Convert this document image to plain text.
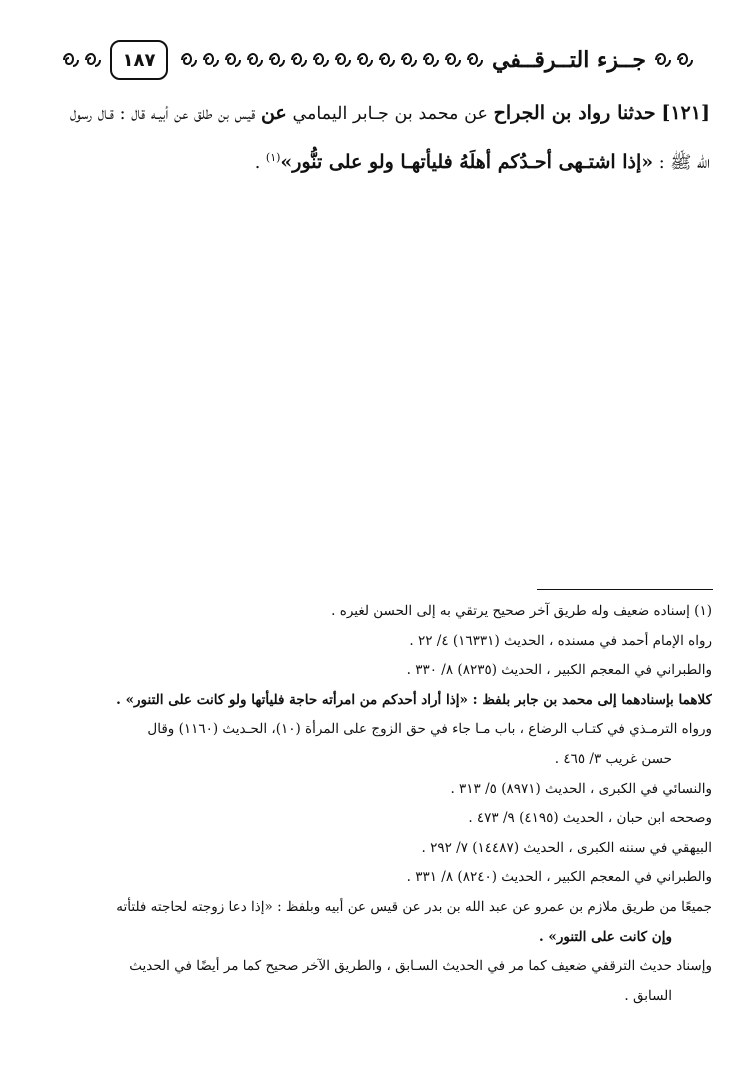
١٨٧	جــزء التــرقــفي
[١٢١] حدثنا رواد بن الجراح عن محمد بن جـابر اليمامي عن قيس بن طلق عن أبيـه قال : قـال رسول الله ﷺ : «إذا اشتـهى أحـدُكم أهلَهُ فليأتهـا ولو على تنُّور»$^{(١)}$ .
(١) إسناده ضعيف وله طريق آخر صحيح يرتقي به إلى الحسن لغيره .
رواه الإمام أحمد في مسنده ، الحديث (١٦٣٣١) ٤/ ٢٢ .
والطبراني في المعجم الكبير ، الحديث (٨٢٣٥) ٨/ ٣٣٠ .
كلاهما بإسنادهما إلى محمد بن جابر بلفظ : «إذا أراد أحدكم من امرأته حاجة فليأتها ولو كانت على التنور» .
ورواه الترمـذي في كتـاب الرضاع ، باب مـا جاء في حق الزوج على المرأة (١٠)، الحـديث (١١٦٠) وقال
حسن غريب ٣/ ٤٦٥ .
والنسائي في الكبرى ، الحديث (٨٩٧١) ٥/ ٣١٣ .
وصححه ابن حبان ، الحديث (٤١٩٥) ٩/ ٤٧٣ .
البيهقي في سننه الكبرى ، الحديث (١٤٤٨٧) ٧/ ٢٩٢ .
والطبراني في المعجم الكبير ، الحديث (٨٢٤٠) ٨/ ٣٣١ .
جميعًا من طريق ملازم بن عمرو عن عبد الله بن بدر عن قيس عن أبيه وبلفظ : «إذا دعا زوجته لحاجته فلتأته
وإن كانت على التنور» .
وإسناد حديث الترقفي ضعيف كما مر في الحديث السـابق ، والطريق الآخر صحيح كما مر أيضًا في الحديث
السابق .
